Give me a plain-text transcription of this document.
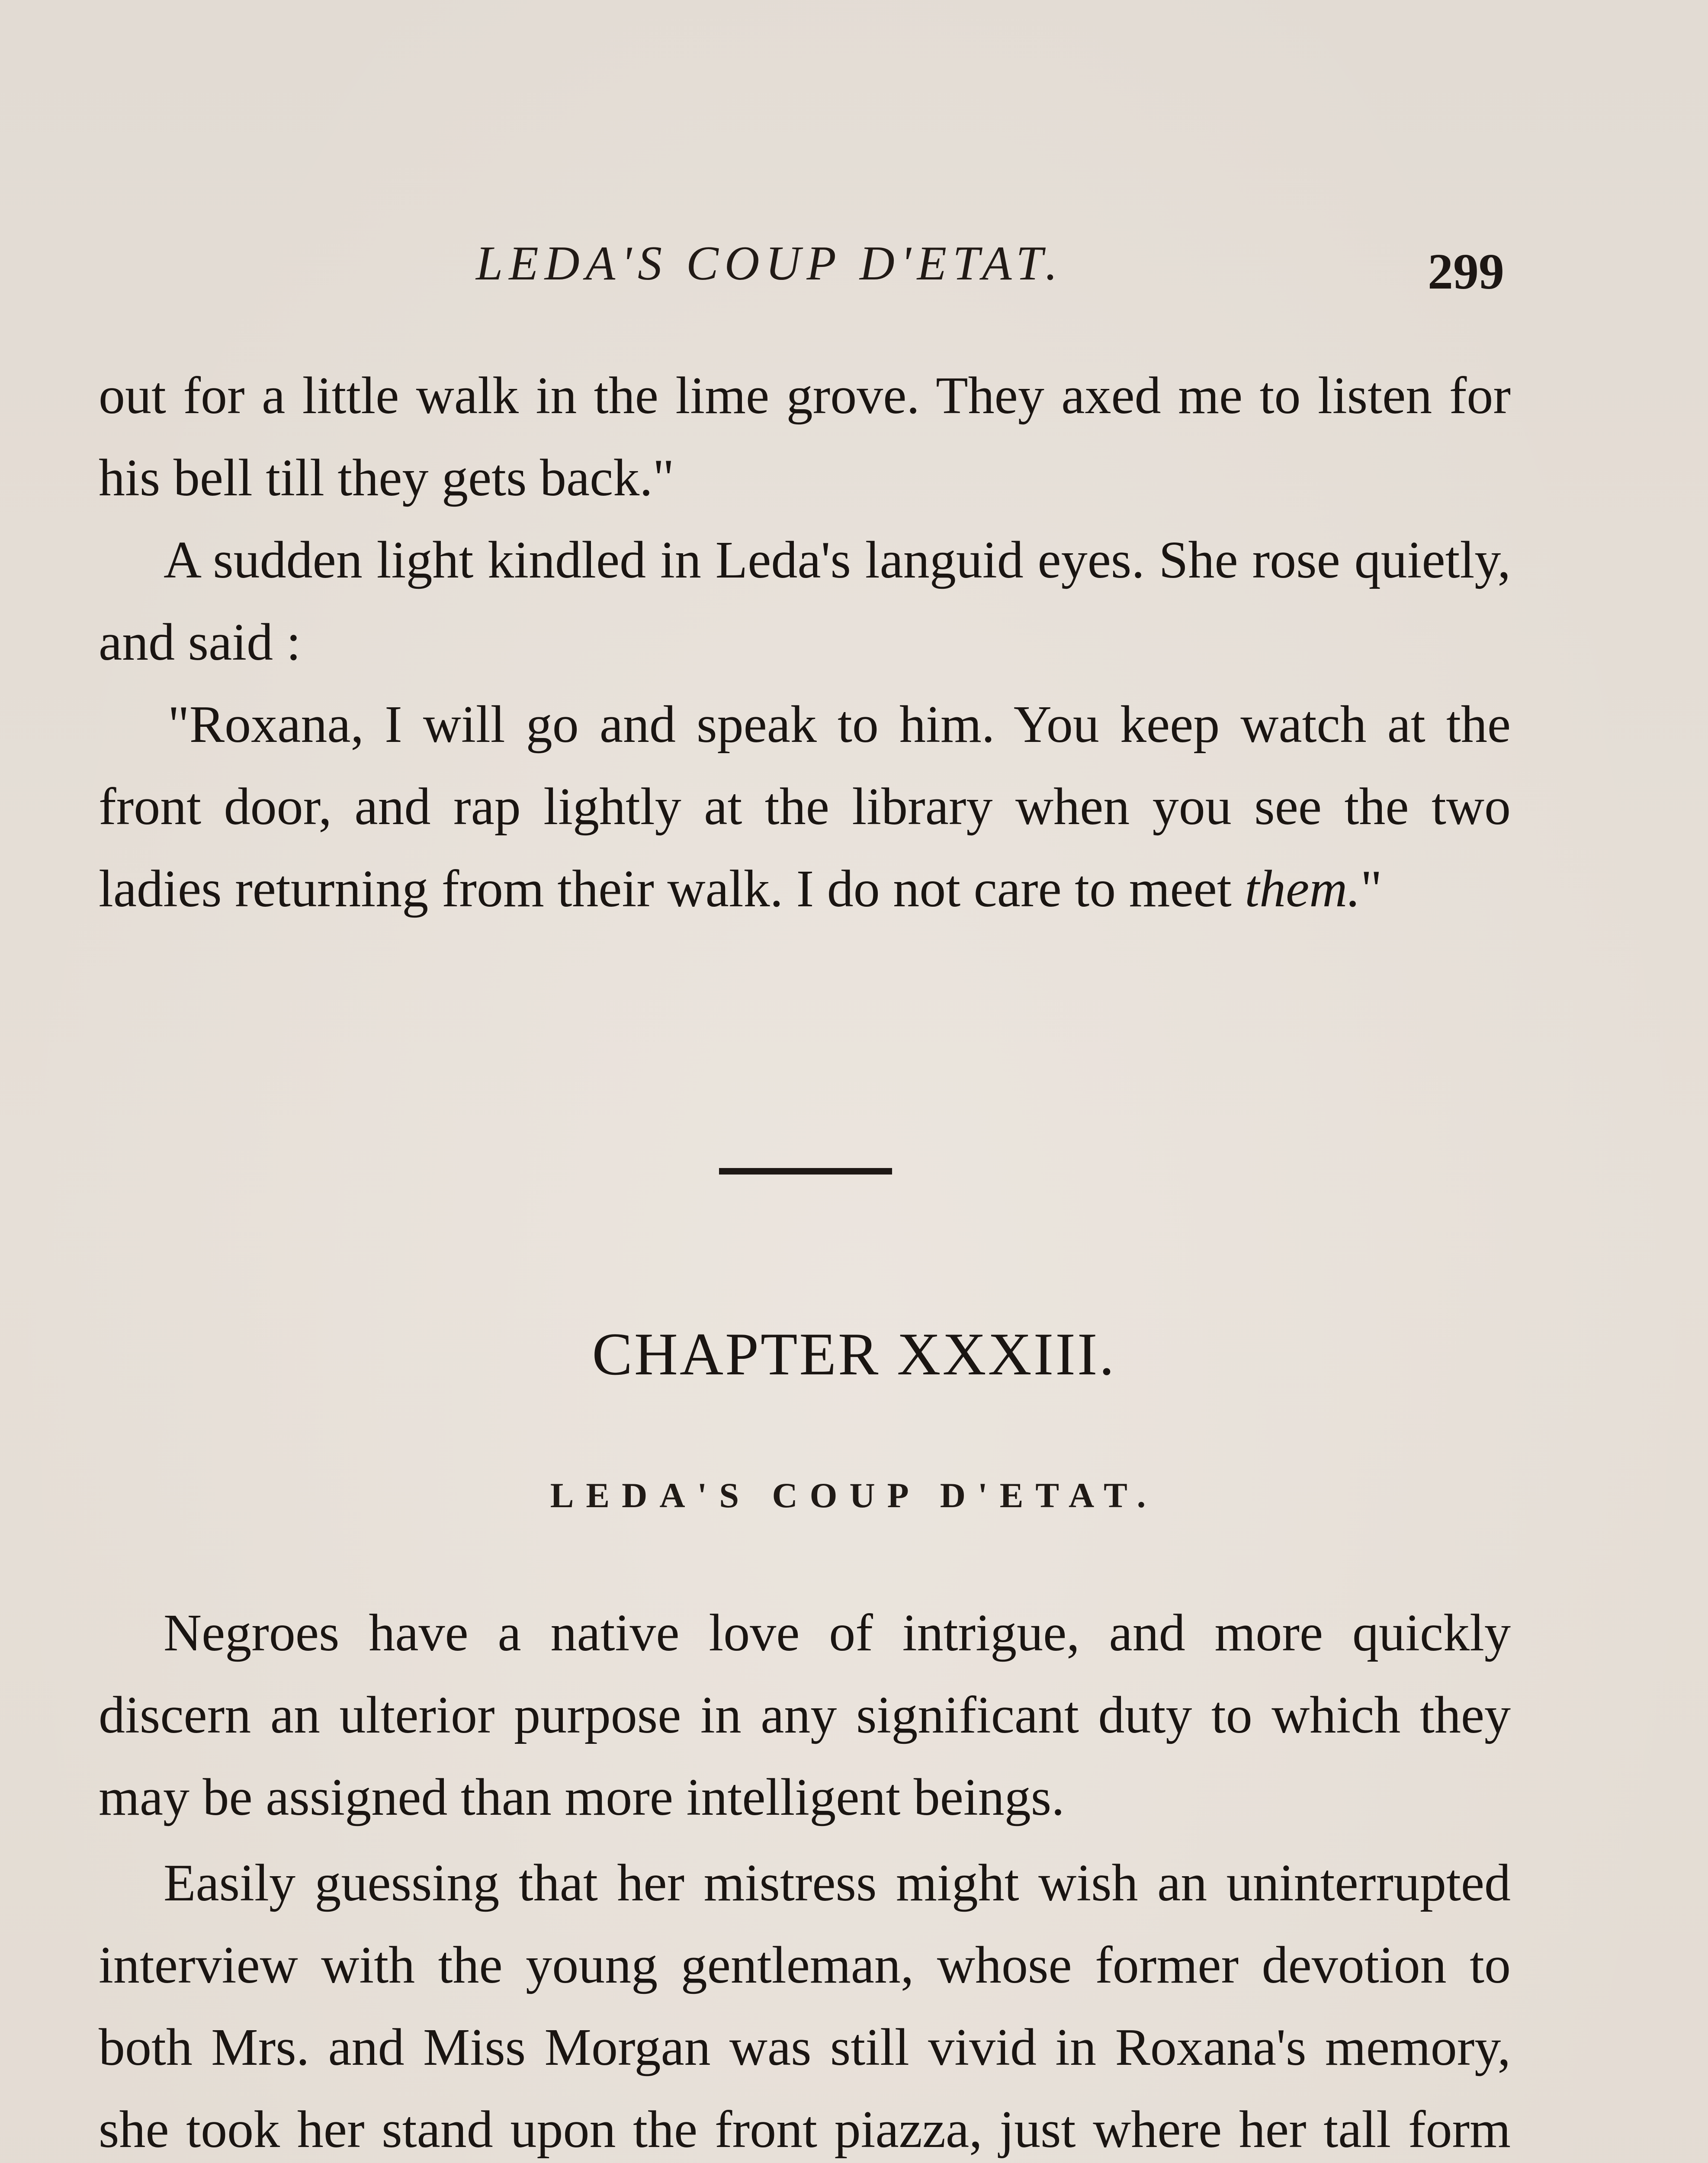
LEDA'S COUP D'ETAT.	299

out for a little walk in the lime grove. They axed me to listen for his bell till they gets back."

A sudden light kindled in Leda's languid eyes. She rose quietly, and said :

"Roxana, I will go and speak to him. You keep watch at the front door, and rap lightly at the library when you see the two ladies returning from their walk. I do not care to meet them."

CHAPTER XXXIII.
LEDA'S COUP D'ETAT.

Negroes have a native love of intrigue, and more quickly discern an ulterior purpose in any significant duty to which they may be assigned than more intelligent beings.

Easily guessing that her mistress might wish an uninterrupted interview with the young gentleman, whose former devotion to both Mrs. and Miss Morgan was still vivid in Roxana's memory, she took her stand upon the front piazza, just where her tall form
